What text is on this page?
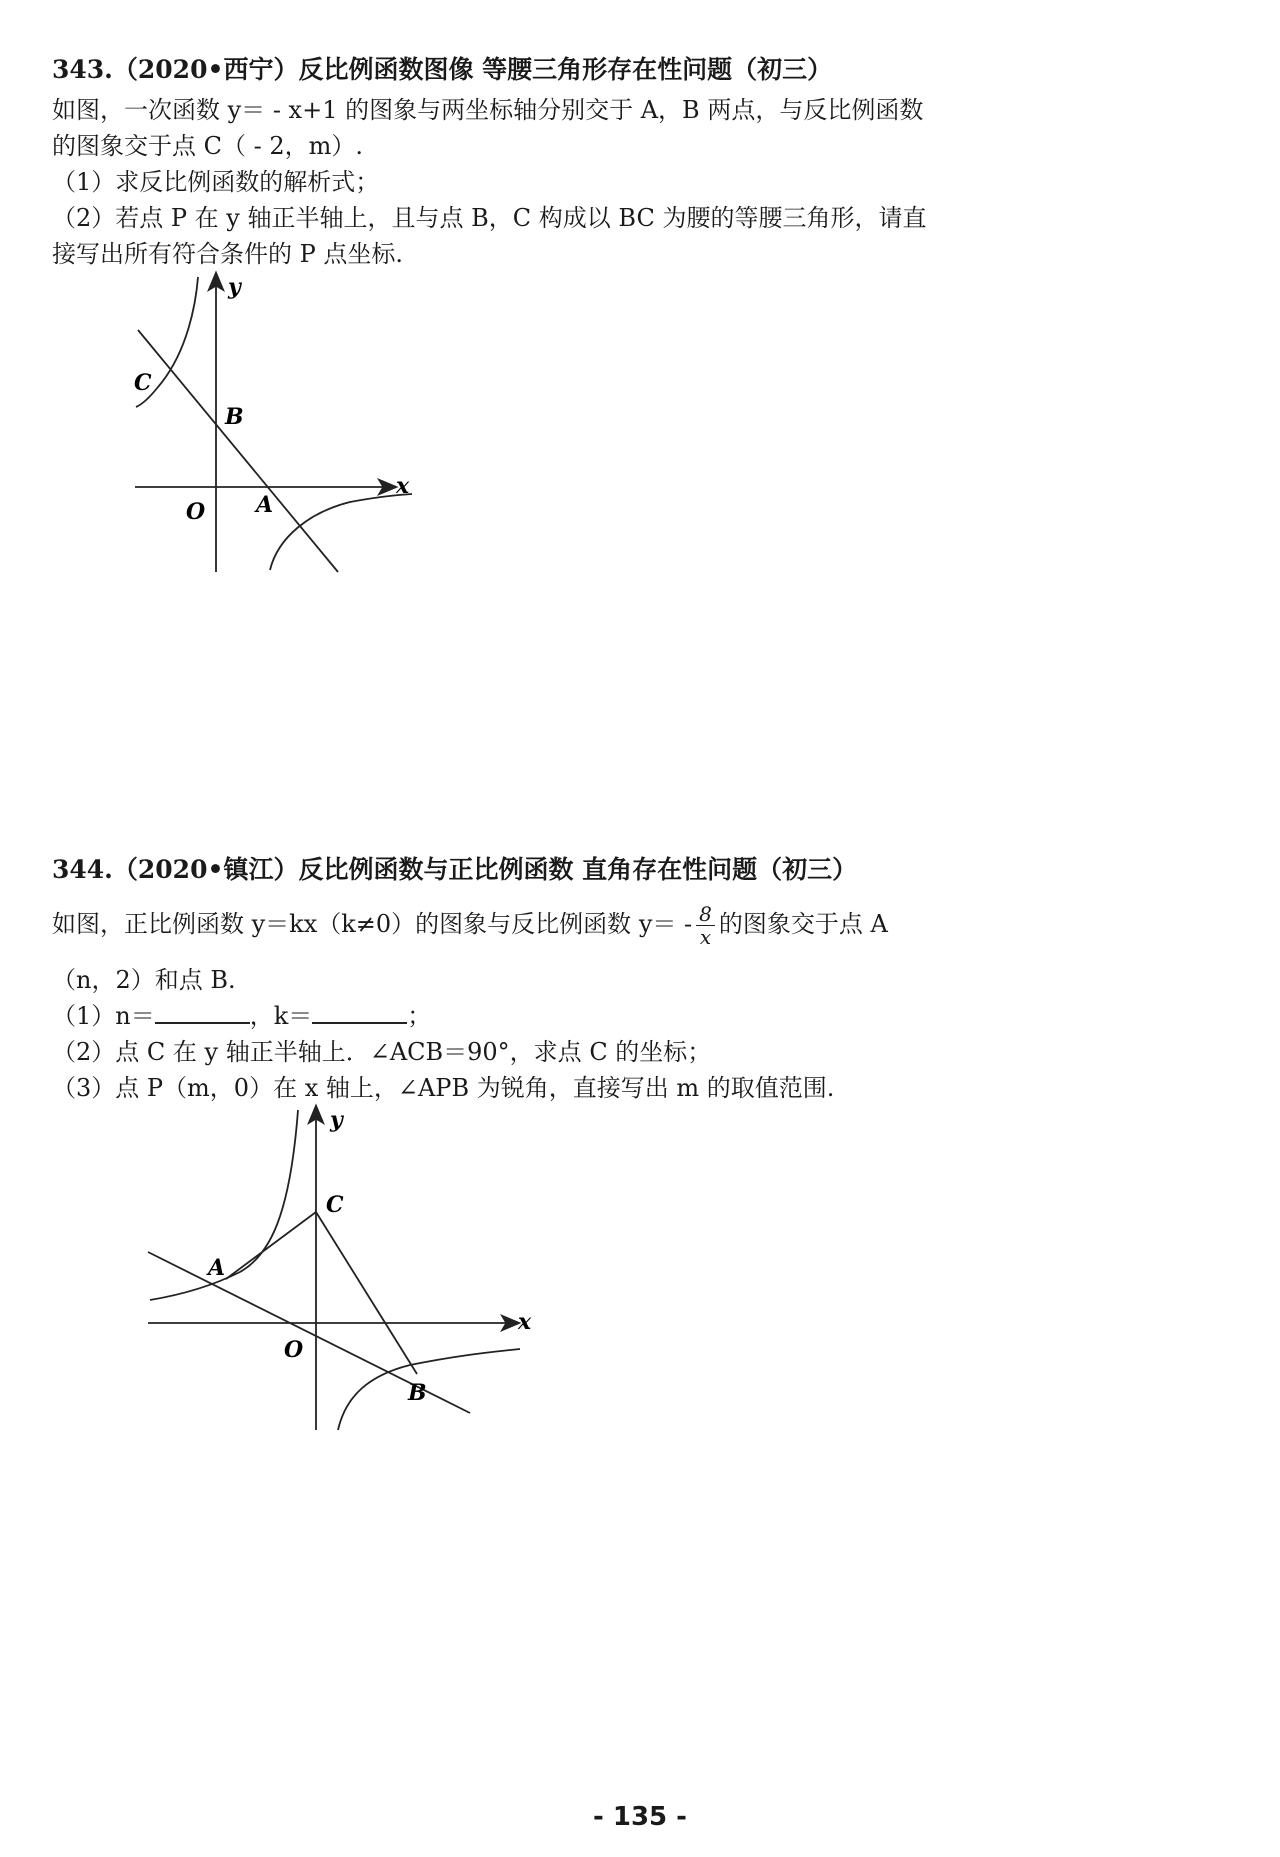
343.（2020•西宁）反比例函数图像 等腰三角形存在性问题（初三）
如图，一次函数 y＝ - x+1 的图象与两坐标轴分别交于 A，B 两点，与反比例函数
的图象交于点 C（ - 2，m）.
（1）求反比例函数的解析式；
（2）若点 P 在 y 轴正半轴上，且与点 B，C 构成以 BC 为腰的等腰三角形，请直
接写出所有符合条件的 P 点坐标.
y
x
O A
B
C
344.（2020•镇江）反比例函数与正比例函数 直角存在性问题（初三）
如图，正比例函数 y＝kx（k≠0）的图象与反比例函数 $y= - \frac{8}{x}$ 的图象交于点 A
（n，2）和点 B.
（1）n＝	，k＝	；
（2）点 C 在 y 轴正半轴上．∠ACB＝90°，求点 C 的坐标；
（3）点 P（m，0）在 x 轴上，∠APB 为锐角，直接写出 m 的取值范围.
y
x
O
A
B
C
- 135 -
